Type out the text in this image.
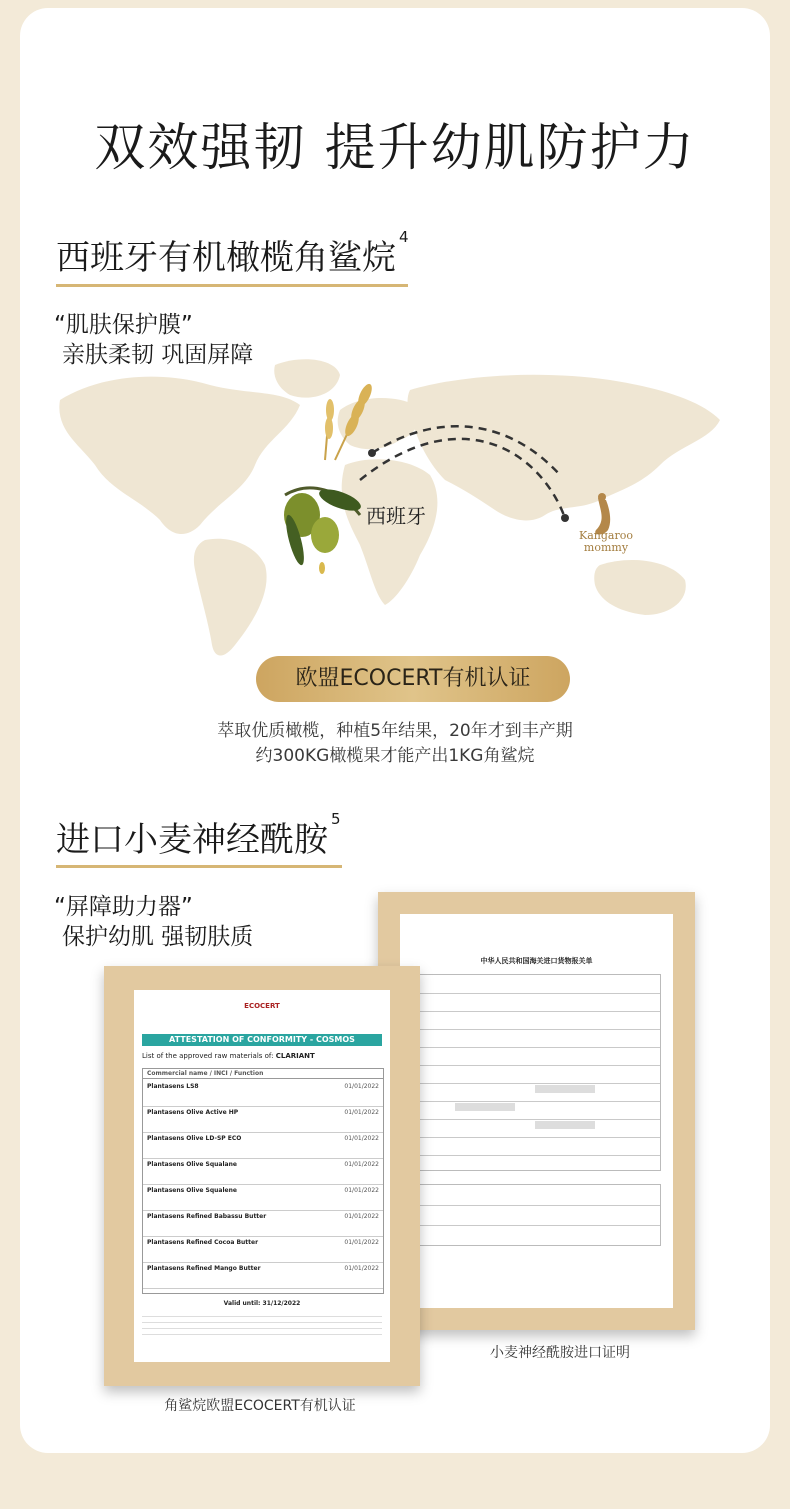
双效强韧 提升幼肌防护力
西班牙有机橄榄角鲨烷$^4$
“肌肤保护膜”
亲肤柔韧 巩固屏障
西班牙
Kangaroo
mommy
欧盟ECOCERT有机认证
萃取优质橄榄，种植5年结果，20年才到丰产期
约300KG橄榄果才能产出1KG角鲨烷
进口小麦神经酰胺$^5$
“屏障助力器”
保护幼肌 强韧肤质
中华人民共和国海关进口货物报关单
ECOCERT
ATTESTATION OF CONFORMITY - COSMOS
List of the approved raw materials of: CLARIANT
Commercial name / INCI / Function
Plantasens LS8	01/01/2022
Plantasens Olive Active HP	01/01/2022
Plantasens Olive LD-SP ECO	01/01/2022
Plantasens Olive Squalane	01/01/2022
Plantasens Olive Squalene	01/01/2022
Plantasens Refined Babassu Butter	01/01/2022
Plantasens Refined Cocoa Butter	01/01/2022
Plantasens Refined Mango Butter	01/01/2022
Valid until: 31/12/2022
小麦神经酰胺进口证明
角鲨烷欧盟ECOCERT有机认证
